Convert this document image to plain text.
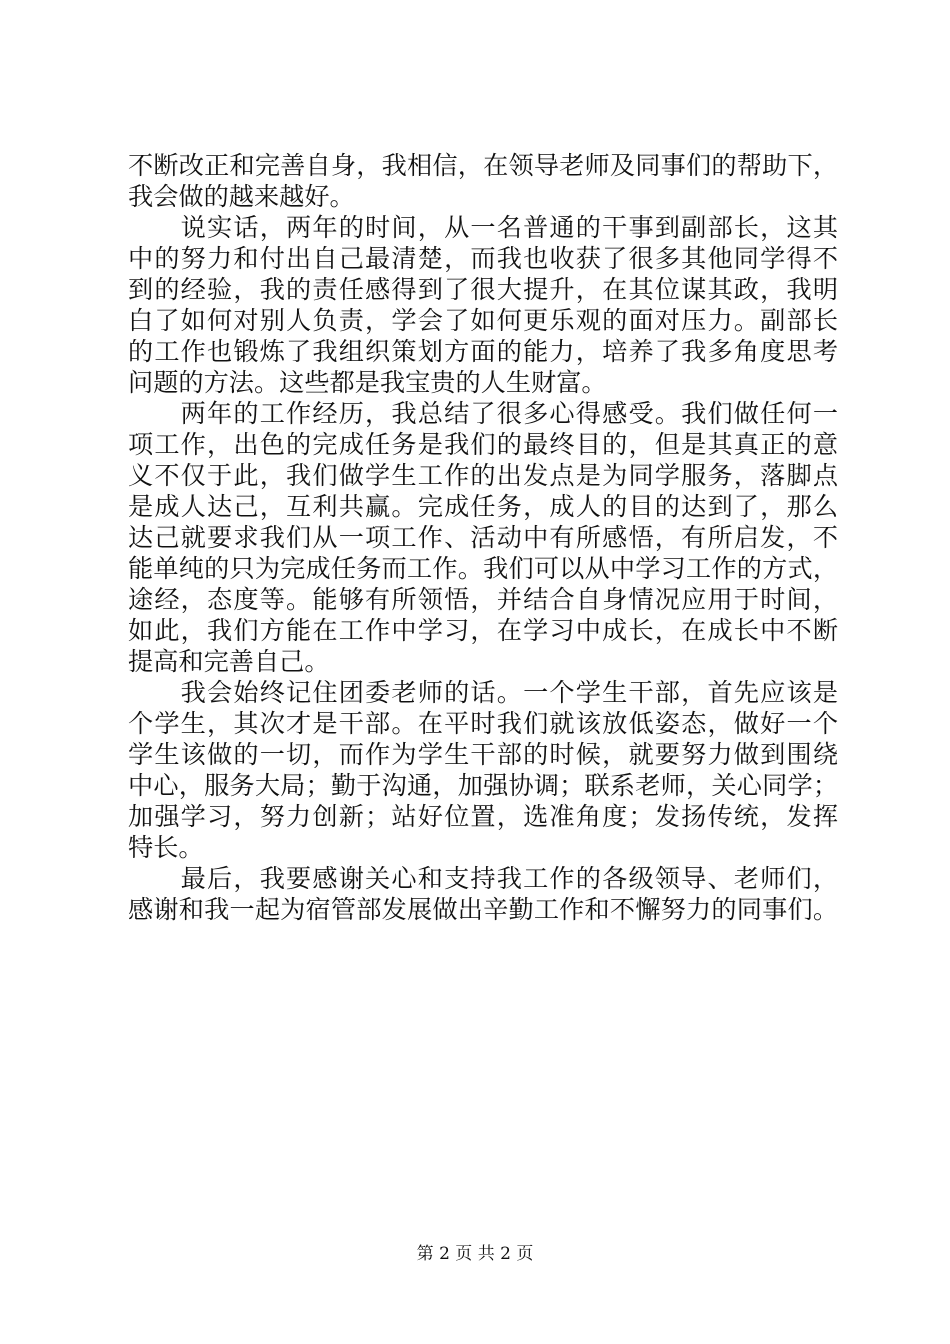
不断改正和完善自身，我相信，在领导老师及同事们的帮助下，
我会做的越来越好。
　　说实话，两年的时间，从一名普通的干事到副部长，这其
中的努力和付出自己最清楚，而我也收获了很多其他同学得不
到的经验，我的责任感得到了很大提升，在其位谋其政，我明
白了如何对别人负责，学会了如何更乐观的面对压力。副部长
的工作也锻炼了我组织策划方面的能力，培养了我多角度思考
问题的方法。这些都是我宝贵的人生财富。
　　两年的工作经历，我总结了很多心得感受。我们做任何一
项工作，出色的完成任务是我们的最终目的，但是其真正的意
义不仅于此，我们做学生工作的出发点是为同学服务，落脚点
是成人达己，互利共赢。完成任务，成人的目的达到了，那么
达己就要求我们从一项工作、活动中有所感悟，有所启发，不
能单纯的只为完成任务而工作。我们可以从中学习工作的方式，
途经，态度等。能够有所领悟，并结合自身情况应用于时间，
如此，我们方能在工作中学习，在学习中成长，在成长中不断
提高和完善自己。
　　我会始终记住团委老师的话。一个学生干部，首先应该是
个学生，其次才是干部。在平时我们就该放低姿态，做好一个
学生该做的一切，而作为学生干部的时候，就要努力做到围绕
中心，服务大局；勤于沟通，加强协调；联系老师，关心同学；
加强学习，努力创新；站好位置，选准角度；发扬传统，发挥
特长。
　　最后，我要感谢关心和支持我工作的各级领导、老师们，
感谢和我一起为宿管部发展做出辛勤工作和不懈努力的同事们。
第 2 页 共 2 页
